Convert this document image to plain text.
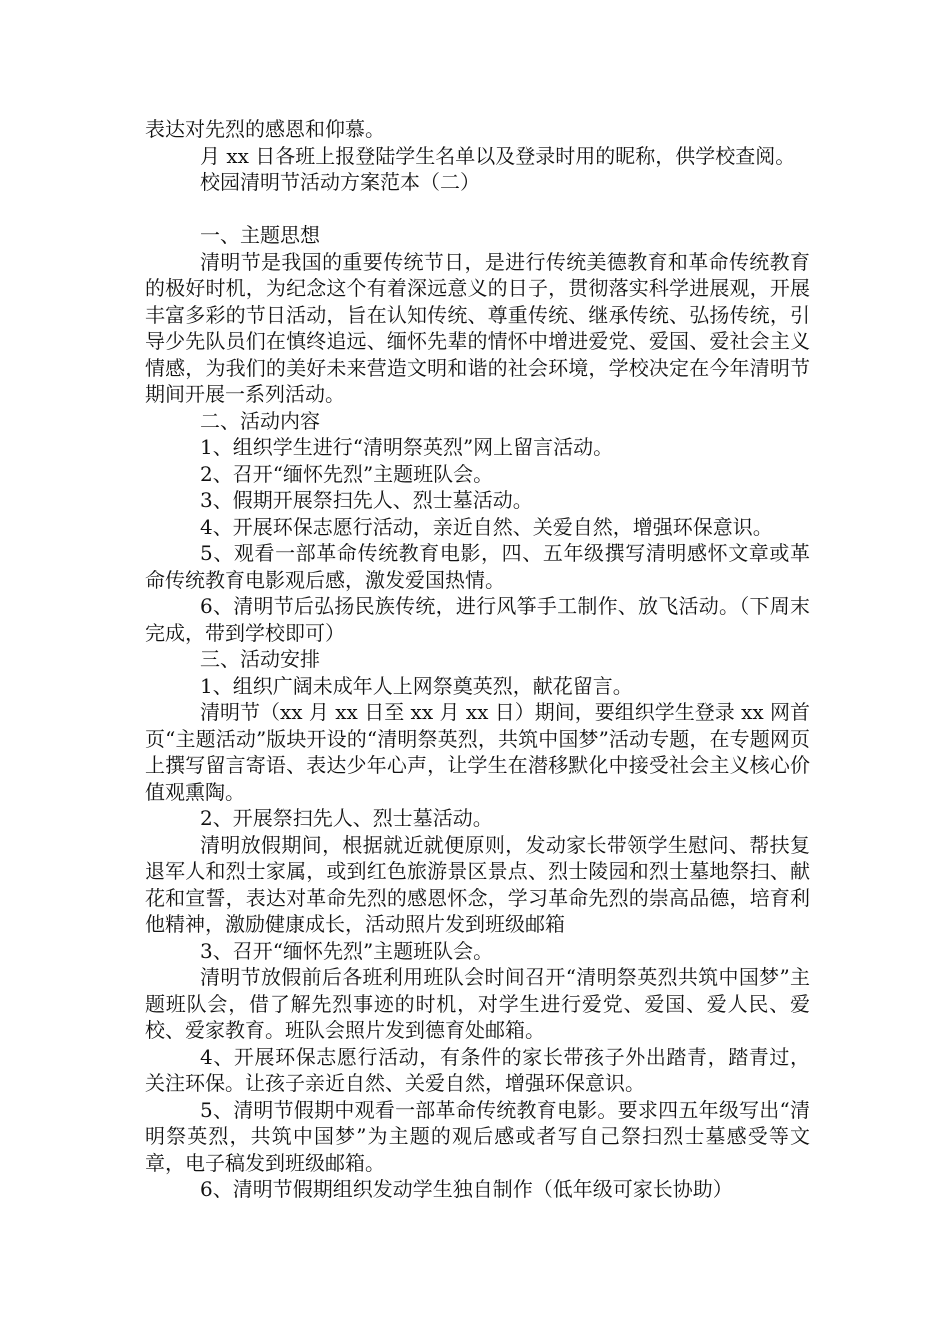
表达对先烈的感恩和仰慕。

月 xx 日各班上报登陆学生名单以及登录时用的昵称，供学校查阅。

校园清明节活动方案范本（二）

一、主题思想

清明节是我国的重要传统节日，是进行传统美德教育和革命传统教育的极好时机，为纪念这个有着深远意义的日子，贯彻落实科学进展观，开展丰富多彩的节日活动，旨在认知传统、尊重传统、继承传统、弘扬传统，引导少先队员们在慎终追远、缅怀先辈的情怀中增进爱党、爱国、爱社会主义情感，为我们的美好未来营造文明和谐的社会环境，学校决定在今年清明节期间开展一系列活动。

二、活动内容

1、组织学生进行“清明祭英烈”网上留言活动。

2、召开“缅怀先烈”主题班队会。

3、假期开展祭扫先人、烈士墓活动。

4、开展环保志愿行活动，亲近自然、关爱自然，增强环保意识。

5、观看一部革命传统教育电影，四、五年级撰写清明感怀文章或革命传统教育电影观后感，激发爱国热情。

6、清明节后弘扬民族传统，进行风筝手工制作、放飞活动。（下周末完成，带到学校即可）

三、活动安排

1、组织广阔未成年人上网祭奠英烈，献花留言。

清明节（xx 月 xx 日至 xx 月 xx 日）期间，要组织学生登录 xx 网首页“主题活动”版块开设的“清明祭英烈，共筑中国梦”活动专题，在专题网页上撰写留言寄语、表达少年心声，让学生在潜移默化中接受社会主义核心价值观熏陶。

2、开展祭扫先人、烈士墓活动。

清明放假期间，根据就近就便原则，发动家长带领学生慰问、帮扶复退军人和烈士家属，或到红色旅游景区景点、烈士陵园和烈士墓地祭扫、献花和宣誓，表达对革命先烈的感恩怀念，学习革命先烈的崇高品德，培育利他精神，激励健康成长，活动照片发到班级邮箱

3、召开“缅怀先烈”主题班队会。

清明节放假前后各班利用班队会时间召开“清明祭英烈共筑中国梦”主题班队会，借了解先烈事迹的时机，对学生进行爱党、爱国、爱人民、爱校、爱家教育。班队会照片发到德育处邮箱。

4、开展环保志愿行活动，有条件的家长带孩子外出踏青，踏青过，关注环保。让孩子亲近自然、关爱自然，增强环保意识。

5、清明节假期中观看一部革命传统教育电影。要求四五年级写出“清明祭英烈，共筑中国梦”为主题的观后感或者写自己祭扫烈士墓感受等文章，电子稿发到班级邮箱。

6、清明节假期组织发动学生独自制作（低年级可家长协助）
